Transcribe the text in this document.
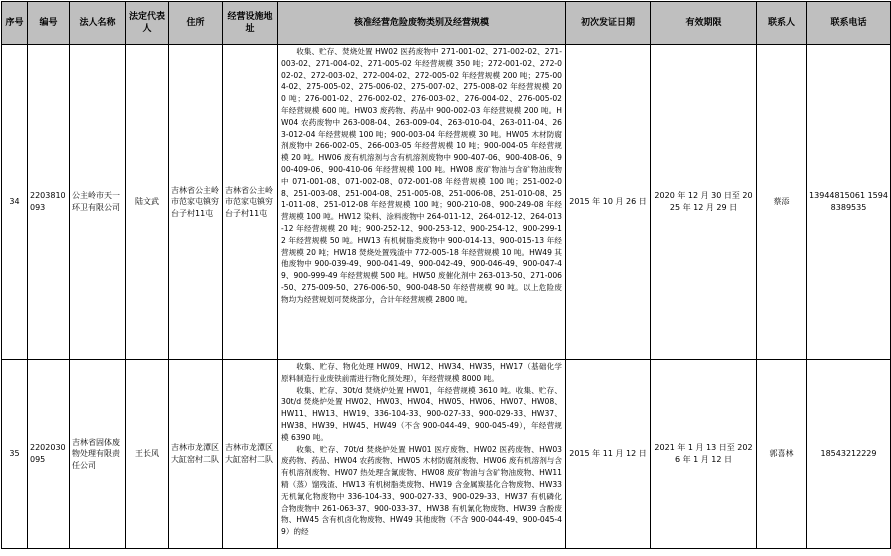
序号	编号	法人名称	法定代表人	住所	经营设施地址	核准经营危险废物类别及经营规模	初次发证日期	有效期限	联系人	联系电话
34	2203810093	公主岭市天一环卫有限公司	陆文武	吉林省公主岭市范家屯镇穷台子村11屯	吉林省公主岭市范家屯镇穷台子村11屯	收集、贮存、焚烧处置 HW02 医药废物中 271-001-02、271-002-02、271-003-02、271-004-02、271-005-02 年经营规模 350 吨；272-001-02、272-002-02、272-003-02、272-004-02、272-005-02 年经营规模 200 吨；275-004-02、275-005-02、275-006-02、275-007-02、275-008-02 年经营规模 200 吨；276-001-02、276-002-02、276-003-02、276-004-02、276-005-02 年经营规模 600 吨。HW03 废药物、药品中 900-002-03 年经营规模 200 吨。HW04 农药废物中 263-008-04、263-009-04、263-010-04、263-011-04、263-012-04 年经营规模 100 吨；900-003-04 年经营规模 30 吨。HW05 木材防腐剂废物中 266-002-05、266-003-05 年经营规模 10 吨；900-004-05 年经营规模 20 吨。HW06 废有机溶剂与含有机溶剂废物中 900-407-06、900-408-06、900-409-06、900-410-06 年经营规模 100 吨。HW08 废矿物油与含矿物油废物中 071-001-08、071-002-08、072-001-08 年经营规模 100 吨；251-002-08、251-003-08、251-004-08、251-005-08、251-006-08、251-010-08、251-011-08、251-012-08 年经营规模 100 吨；900-210-08、900-249-08 年经营规模 100 吨。HW12 染料、涂料废物中 264-011-12、264-012-12、264-013-12 年经营规模 20 吨；900-252-12、900-253-12、900-254-12、900-299-12 年经营规模 50 吨。HW13 有机树脂类废物中 900-014-13、900-015-13 年经营规模 20 吨；HW18 焚烧处置残渣中 772-005-18 年经营规模 10 吨。HW49 其他废物中 900-039-49、900-041-49、900-042-49、900-046-49、900-047-49、900-999-49 年经营规模 500 吨。HW50 废催化剂中 263-013-50、271-006-50、275-009-50、276-006-50、900-048-50 年经营规模 90 吨。以上危险废物均为经营规划可焚烧部分，合计年经营规模 2800 吨。	2015 年 10 月 26 日	2020 年 12 月 30 日至 2025 年 12 月 29 日	蔡添	13944815061 15948389535
35	2202030095	吉林省固体废物处理有限责任公司	王长风	吉林市龙潭区大缸窑村二队	吉林市龙潭区大缸窑村二队	收集、贮存、物化处理 HW09、HW12、HW34、HW35，HW17（基础化学原料制造行业废铁前需进行物化预处理），年经营规模 8000 吨。

收集、贮存、30t/d 焚烧炉处置 HW01，年经营规模 3610 吨。收集、贮存、30t/d 焚烧炉处置 HW02、HW03、HW04、HW05、HW06、HW07、HW08、HW11、HW13、HW19、336-104-33、900-027-33、900-029-33、HW37、HW38、HW39、HW45、HW49（不含 900-044-49、900-045-49），年经营规模 6390 吨。

收集、贮存、70t/d 焚烧炉处置 HW01 医疗废物、HW02 医药废物、HW03 废药物、药品、HW04 农药废物、HW05 木材防腐剂废物、HW06 废有机溶剂与含有机溶剂废物、HW07 热处理含氰废物、HW08 废矿物油与含矿物油废物、HW11 精（蒸）馏残渣、HW13 有机树脂类废物、HW19 含金属羰基化合物废物、HW33 无机氰化物废物中 336-104-33、900-027-33、900-029-33、HW37 有机磷化合物废物中 261-063-37、900-033-37、HW38 有机氰化物废物、HW39 含酚废物、HW45 含有机卤化物废物、HW49 其他废物（不含 900-044-49、900-045-49）的经	2015 年 11 月 12 日	2021 年 1 月 13 日至 2026 年 1 月 12 日	郭喜林	18543212229
